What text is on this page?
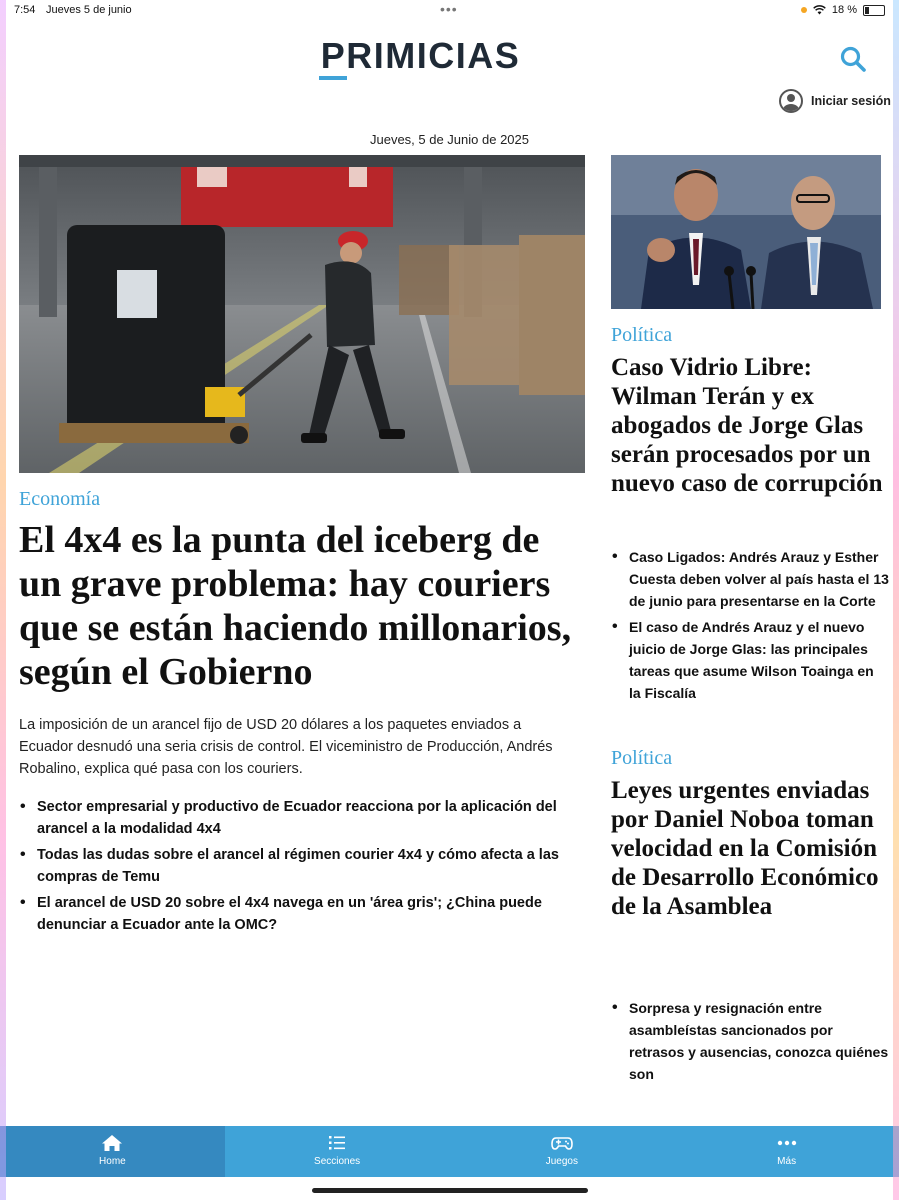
7:54 Jueves 5 de junio	•••	18 %
PRIMICIAS
Iniciar sesión
Jueves, 5 de Junio de 2025
Economía
El 4x4 es la punta del iceberg de un grave problema: hay couriers que se están haciendo millonarios, según el Gobierno

La imposición de un arancel fijo de USD 20 dólares a los paquetes enviados a Ecuador desnudó una seria crisis de control. El viceministro de Producción, Andrés Robalino, explica qué pasa con los couriers.

• Sector empresarial y productivo de Ecuador reacciona por la aplicación del arancel a la modalidad 4x4
• Todas las dudas sobre el arancel al régimen courier 4x4 y cómo afecta a las compras de Temu
• El arancel de USD 20 sobre el 4x4 navega en un 'área gris'; ¿China puede denunciar a Ecuador ante la OMC?
Política
Caso Vidrio Libre: Wilman Terán y ex abogados de Jorge Glas serán procesados por un nuevo caso de corrupción
• Caso Ligados: Andrés Arauz y Esther Cuesta deben volver al país hasta el 13 de junio para presentarse en la Corte
• El caso de Andrés Arauz y el nuevo juicio de Jorge Glas: las principales tareas que asume Wilson Toainga en la Fiscalía
Política
Leyes urgentes enviadas por Daniel Noboa toman velocidad en la Comisión de Desarrollo Económico de la Asamblea
• Sorpresa y resignación entre asambleístas sancionados por retrasos y ausencias, conozca quiénes son
Home	Secciones	Juegos	Más
